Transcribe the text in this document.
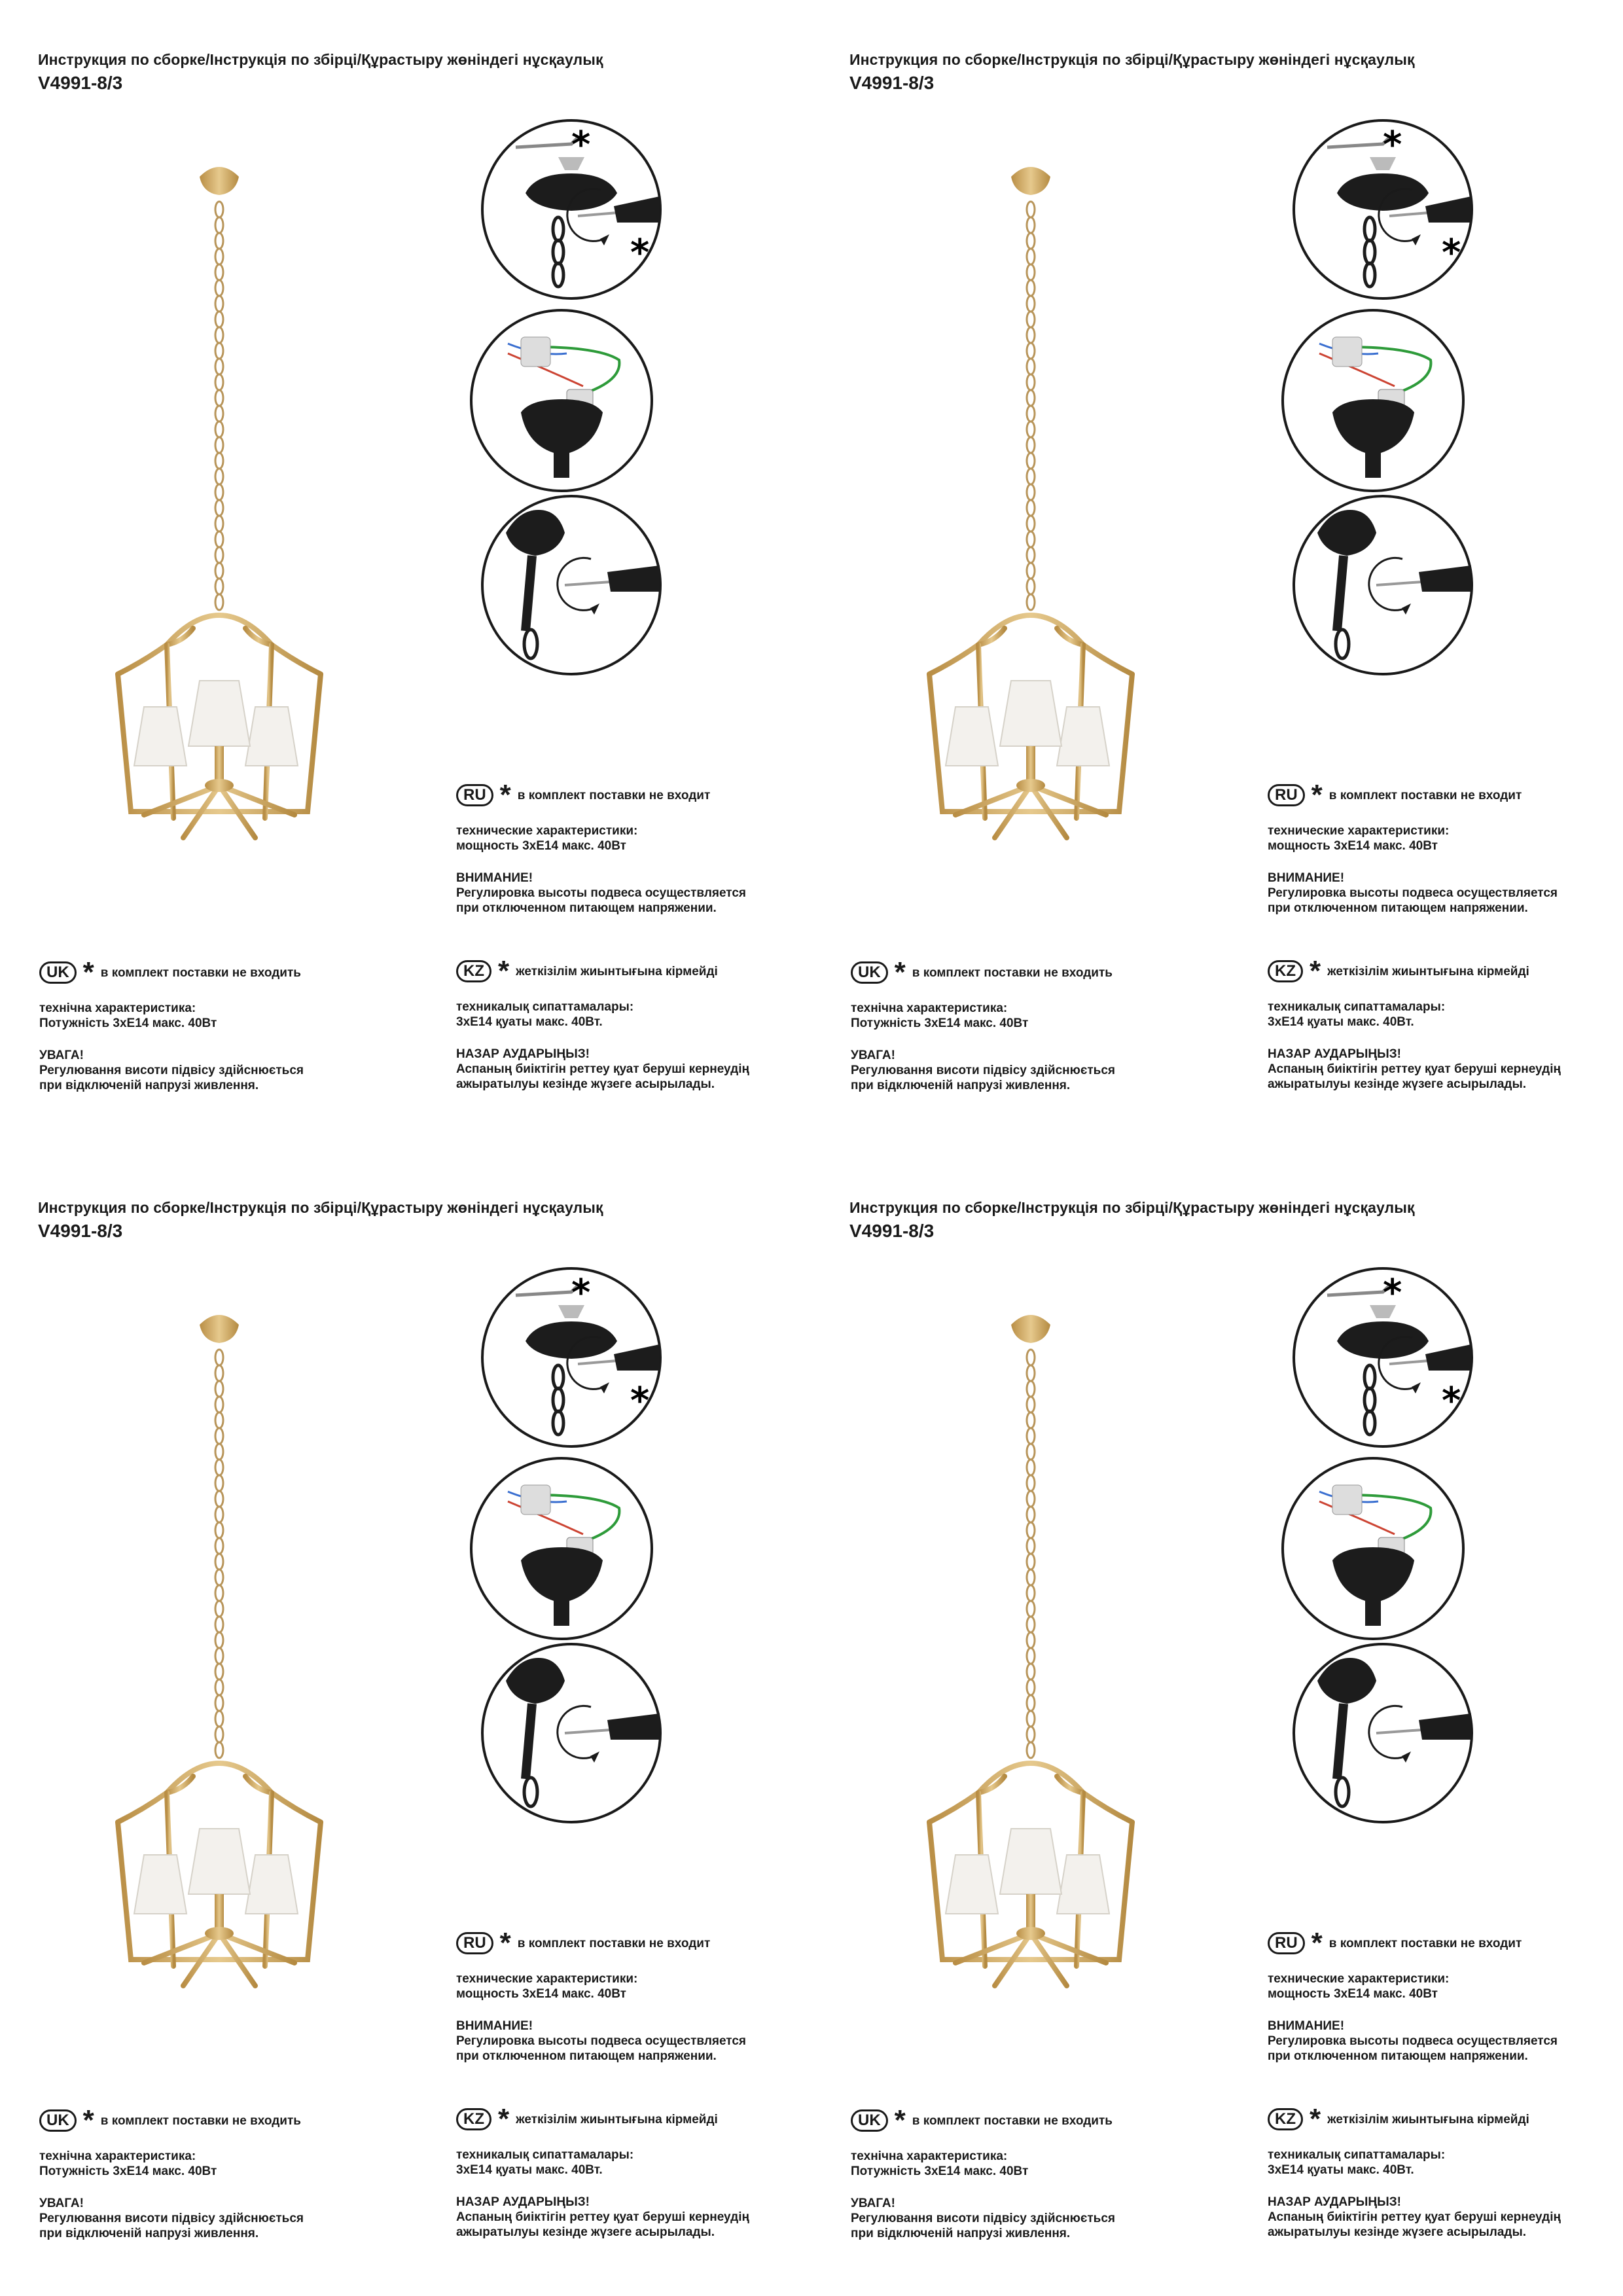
Инструкция по сборке/Інструкція по збірці/Құрастыру жөніндегі нұсқаулық
V4991-8/3
*
*
RU * в комплект поставки не входит

технические характеристики:

мощность 3хЕ14 макс. 40Вт

ВНИМАНИЕ!

Регулировка высоты подвеса осуществляется

при отключенном питающем напряжении.

UK * в комплект поставки не входить

технічна характеристика:

Потужність 3хЕ14 макс. 40Вт

УВАГА!

Регулювання висоти підвісу здійснюється

при відключеній напрузі живлення.

KZ * жеткізілім жиынтығына кірмейді

техникалық сипаттамалары:

3хЕ14 қуаты макс. 40Вт.

НАЗАР АУДАРЫҢЫЗ!

Аспаның биіктігін реттеу қуат беруші кернеудің

ажыратылуы кезінде жүзеге асырылады.

Инструкция по сборке/Інструкція по збірці/Құрастыру жөніндегі нұсқаулық
V4991-8/3
*
*
RU * в комплект поставки не входит

технические характеристики:

мощность 3хЕ14 макс. 40Вт

ВНИМАНИЕ!

Регулировка высоты подвеса осуществляется

при отключенном питающем напряжении.

UK * в комплект поставки не входить

технічна характеристика:

Потужність 3хЕ14 макс. 40Вт

УВАГА!

Регулювання висоти підвісу здійснюється

при відключеній напрузі живлення.

KZ * жеткізілім жиынтығына кірмейді

техникалық сипаттамалары:

3хЕ14 қуаты макс. 40Вт.

НАЗАР АУДАРЫҢЫЗ!

Аспаның биіктігін реттеу қуат беруші кернеудің

ажыратылуы кезінде жүзеге асырылады.

Инструкция по сборке/Інструкція по збірці/Құрастыру жөніндегі нұсқаулық
V4991-8/3
*
*
RU * в комплект поставки не входит

технические характеристики:

мощность 3хЕ14 макс. 40Вт

ВНИМАНИЕ!

Регулировка высоты подвеса осуществляется

при отключенном питающем напряжении.

UK * в комплект поставки не входить

технічна характеристика:

Потужність 3хЕ14 макс. 40Вт

УВАГА!

Регулювання висоти підвісу здійснюється

при відключеній напрузі живлення.

KZ * жеткізілім жиынтығына кірмейді

техникалық сипаттамалары:

3хЕ14 қуаты макс. 40Вт.

НАЗАР АУДАРЫҢЫЗ!

Аспаның биіктігін реттеу қуат беруші кернеудің

ажыратылуы кезінде жүзеге асырылады.

Инструкция по сборке/Інструкція по збірці/Құрастыру жөніндегі нұсқаулық
V4991-8/3
*
*
RU * в комплект поставки не входит

технические характеристики:

мощность 3хЕ14 макс. 40Вт

ВНИМАНИЕ!

Регулировка высоты подвеса осуществляется

при отключенном питающем напряжении.

UK * в комплект поставки не входить

технічна характеристика:

Потужність 3хЕ14 макс. 40Вт

УВАГА!

Регулювання висоти підвісу здійснюється

при відключеній напрузі живлення.

KZ * жеткізілім жиынтығына кірмейді

техникалық сипаттамалары:

3хЕ14 қуаты макс. 40Вт.

НАЗАР АУДАРЫҢЫЗ!

Аспаның биіктігін реттеу қуат беруші кернеудің

ажыратылуы кезінде жүзеге асырылады.
